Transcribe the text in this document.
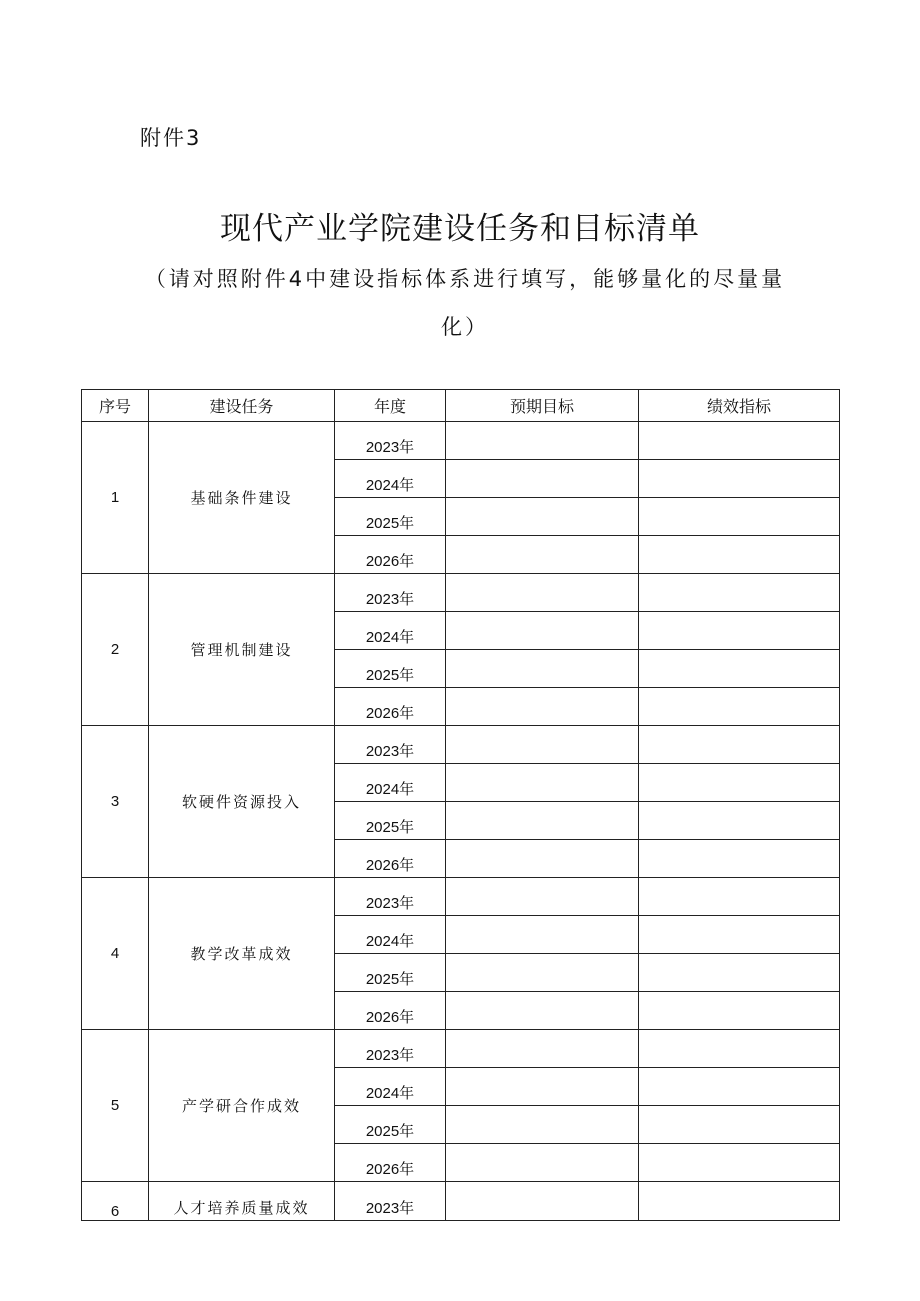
附件3
现代产业学院建设任务和目标清单
（请对照附件4中建设指标体系进行填写，能够量化的尽量量化）
序号	建设任务	年度	预期目标	绩效指标
1	基础条件建设	2023年		
		2024年		
		2025年		
		2026年		
2	管理机制建设	2023年		
		2024年		
		2025年		
		2026年		
3	软硬件资源投入	2023年		
		2024年		
		2025年		
		2026年		
4	教学改革成效	2023年		
		2024年		
		2025年		
		2026年		
5	产学研合作成效	2023年		
		2024年		
		2025年		
		2026年		
6	人才培养质量成效	2023年		
